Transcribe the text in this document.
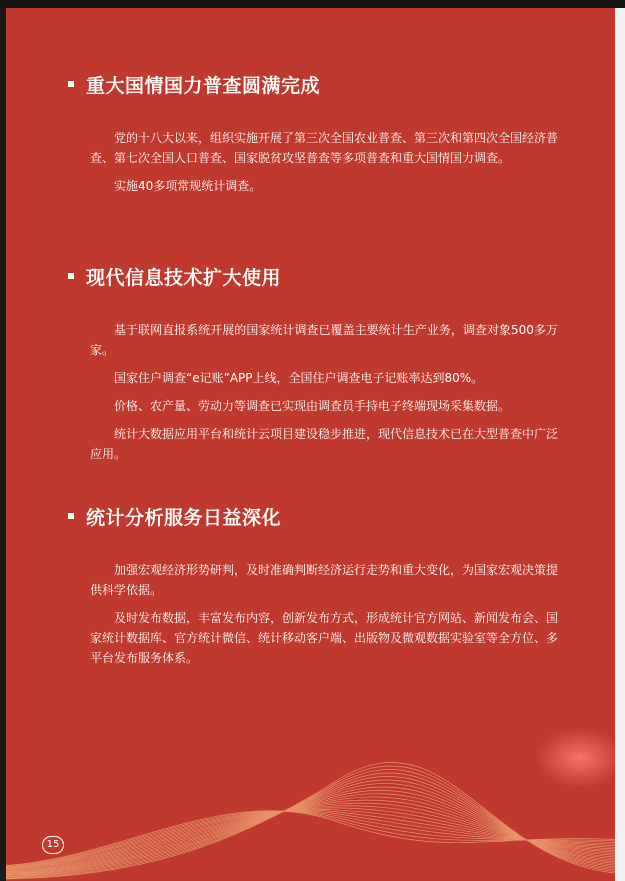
重大国情国力普查圆满完成

党的十八大以来，组织实施开展了第三次全国农业普查、第三次和第四次全国经济普查、第七次全国人口普查、国家脱贫攻坚普查等多项普查和重大国情国力调查。

实施40多项常规统计调查。

现代信息技术扩大使用

基于联网直报系统开展的国家统计调查已覆盖主要统计生产业务，调查对象500多万家。

国家住户调查“e记账”APP上线，全国住户调查电子记账率达到80%。

价格、农产量、劳动力等调查已实现由调查员手持电子终端现场采集数据。

统计大数据应用平台和统计云项目建设稳步推进，现代信息技术已在大型普查中广泛应用。

统计分析服务日益深化

加强宏观经济形势研判，及时准确判断经济运行走势和重大变化，为国家宏观决策提供科学依据。

及时发布数据，丰富发布内容，创新发布方式，形成统计官方网站、新闻发布会、国家统计数据库、官方统计微信、统计移动客户端、出版物及微观数据实验室等全方位、多平台发布服务体系。

15
